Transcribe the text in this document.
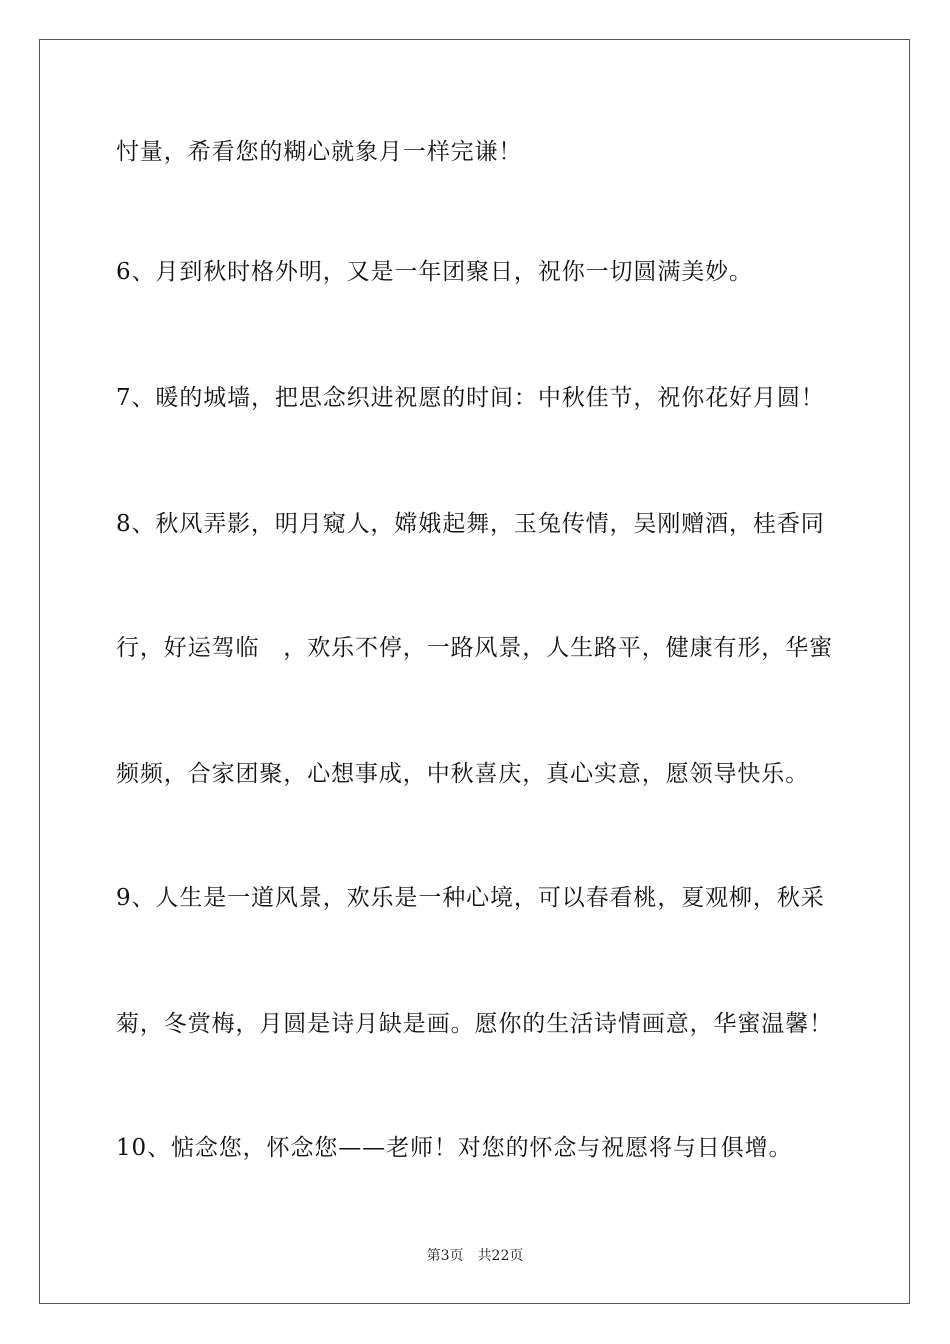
忖量，希看您的糊心就象月一样完谦！
6、月到秋时格外明，又是一年团聚日，祝你一切圆满美妙。
7、暖的城墙，把思念织进祝愿的时间：中秋佳节，祝你花好月圆！
8、秋风弄影，明月窥人，嫦娥起舞，玉兔传情，吴刚赠酒，桂香同
行，好运驾临　，欢乐不停，一路风景，人生路平，健康有形，华蜜
频频，合家团聚，心想事成，中秋喜庆，真心实意，愿领导快乐。
9、人生是一道风景，欢乐是一种心境，可以春看桃，夏观柳，秋采
菊，冬赏梅，月圆是诗月缺是画。愿你的生活诗情画意，华蜜温馨！
10、惦念您，怀念您——老师！对您的怀念与祝愿将与日俱增。
第3页　共22页
